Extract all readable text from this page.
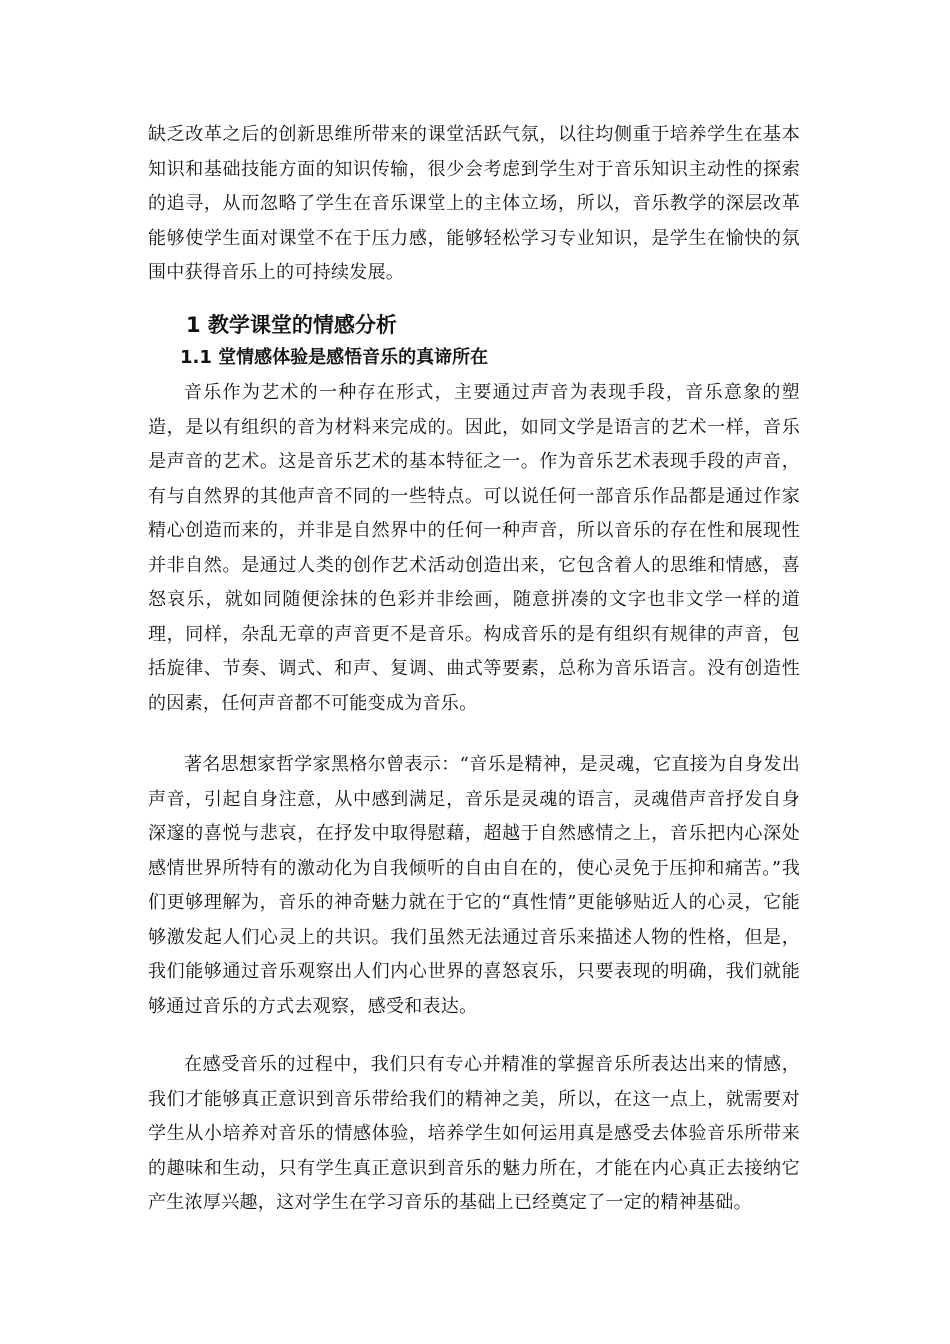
缺乏改革之后的创新思维所带来的课堂活跃气氛，以往均侧重于培养学生在基本知识和基础技能方面的知识传输，很少会考虑到学生对于音乐知识主动性的探索的追寻，从而忽略了学生在音乐课堂上的主体立场，所以，音乐教学的深层改革能够使学生面对课堂不在于压力感，能够轻松学习专业知识，是学生在愉快的氛围中获得音乐上的可持续发展。

1 教学课堂的情感分析
1.1 堂情感体验是感悟音乐的真谛所在

音乐作为艺术的一种存在形式，主要通过声音为表现手段，音乐意象的塑造，是以有组织的音为材料来完成的。因此，如同文学是语言的艺术一样，音乐是声音的艺术。这是音乐艺术的基本特征之一。作为音乐艺术表现手段的声音，有与自然界的其他声音不同的一些特点。可以说任何一部音乐作品都是通过作家精心创造而来的，并非是自然界中的任何一种声音，所以音乐的存在性和展现性并非自然。是通过人类的创作艺术活动创造出来，它包含着人的思维和情感，喜怒哀乐，就如同随便涂抹的色彩并非绘画，随意拼凑的文字也非文学一样的道理，同样，杂乱无章的声音更不是音乐。构成音乐的是有组织有规律的声音，包括旋律、节奏、调式、和声、复调、曲式等要素，总称为音乐语言。没有创造性的因素，任何声音都不可能变成为音乐。

著名思想家哲学家黑格尔曾表示：“音乐是精神，是灵魂，它直接为自身发出声音，引起自身注意，从中感到满足，音乐是灵魂的语言，灵魂借声音抒发自身深邃的喜悦与悲哀，在抒发中取得慰藉，超越于自然感情之上，音乐把内心深处感情世界所特有的激动化为自我倾听的自由自在的，使心灵免于压抑和痛苦。”我们更够理解为，音乐的神奇魅力就在于它的“真性情”更能够贴近人的心灵，它能够激发起人们心灵上的共识。我们虽然无法通过音乐来描述人物的性格，但是，我们能够通过音乐观察出人们内心世界的喜怒哀乐，只要表现的明确，我们就能够通过音乐的方式去观察，感受和表达。

在感受音乐的过程中，我们只有专心并精准的掌握音乐所表达出来的情感，我们才能够真正意识到音乐带给我们的精神之美，所以，在这一点上，就需要对学生从小培养对音乐的情感体验，培养学生如何运用真是感受去体验音乐所带来的趣味和生动，只有学生真正意识到音乐的魅力所在，才能在内心真正去接纳它产生浓厚兴趣，这对学生在学习音乐的基础上已经奠定了一定的精神基础。
